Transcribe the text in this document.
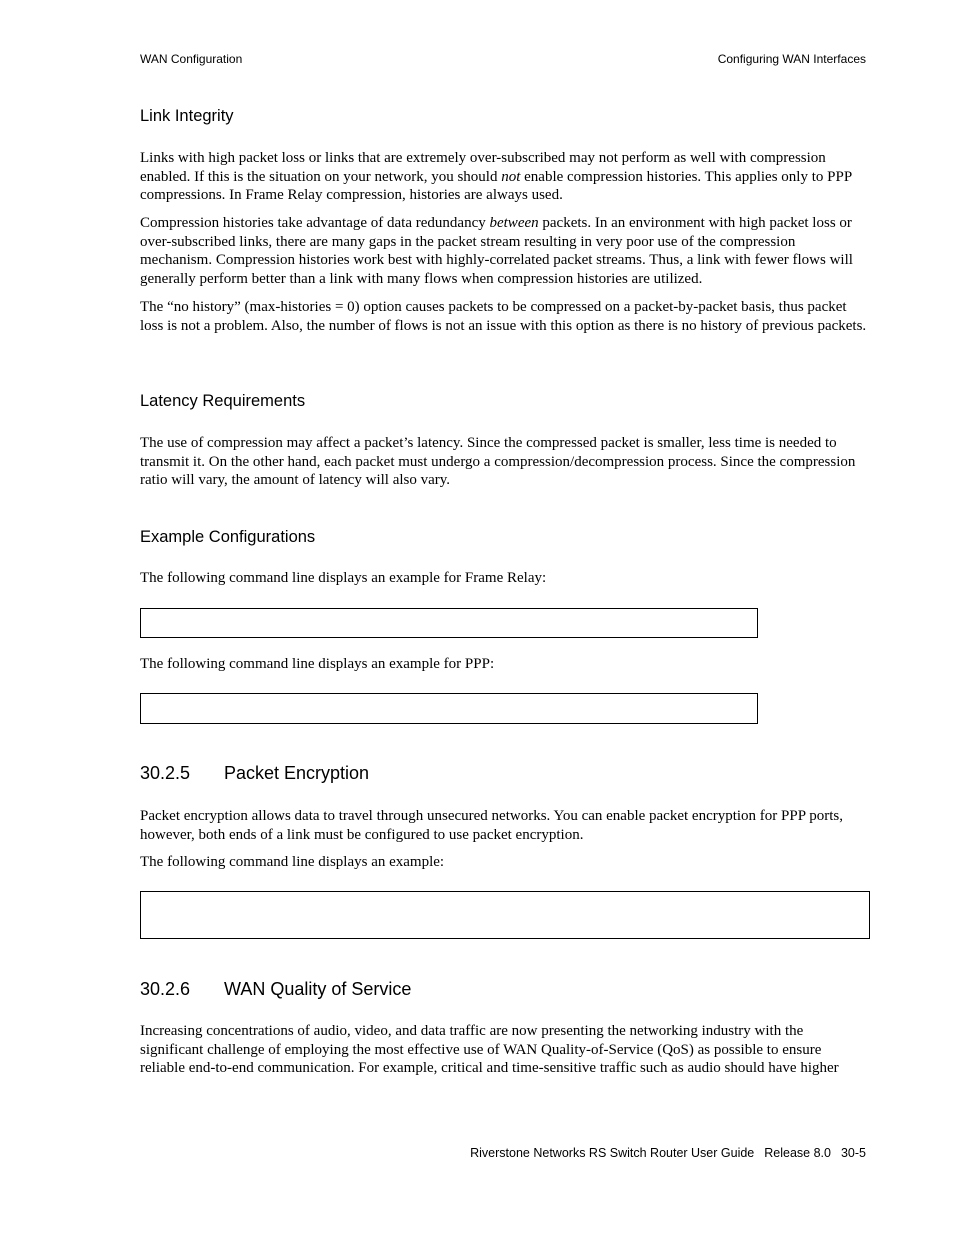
WAN Configuration	Configuring WAN Interfaces
Link Integrity

Links with high packet loss or links that are extremely over-subscribed may not perform as well with compression enabled. If this is the situation on your network, you should not enable compression histories. This applies only to PPP compressions. In Frame Relay compression, histories are always used.

Compression histories take advantage of data redundancy between packets. In an environment with high packet loss or over-subscribed links, there are many gaps in the packet stream resulting in very poor use of the compression mechanism. Compression histories work best with highly-correlated packet streams. Thus, a link with fewer flows will generally perform better than a link with many flows when compression histories are utilized.

The “no history” (max-histories = 0) option causes packets to be compressed on a packet-by-packet basis, thus packet loss is not a problem. Also, the number of flows is not an issue with this option as there is no history of previous packets.

Latency Requirements

The use of compression may affect a packet’s latency. Since the compressed packet is smaller, less time is needed to transmit it. On the other hand, each packet must undergo a compression/decompression process. Since the compression ratio will vary, the amount of latency will also vary.

Example Configurations

The following command line displays an example for Frame Relay:

The following command line displays an example for PPP:

30.2.5 Packet Encryption

Packet encryption allows data to travel through unsecured networks. You can enable packet encryption for PPP ports, however, both ends of a link must be configured to use packet encryption.

The following command line displays an example:

30.2.6 WAN Quality of Service

Increasing concentrations of audio, video, and data traffic are now presenting the networking industry with the significant challenge of employing the most effective use of WAN Quality-of-Service (QoS) as possible to ensure reliable end-to-end communication. For example, critical and time-sensitive traffic such as audio should have higher

Riverstone Networks RS Switch Router User Guide Release 8.0 30-5
